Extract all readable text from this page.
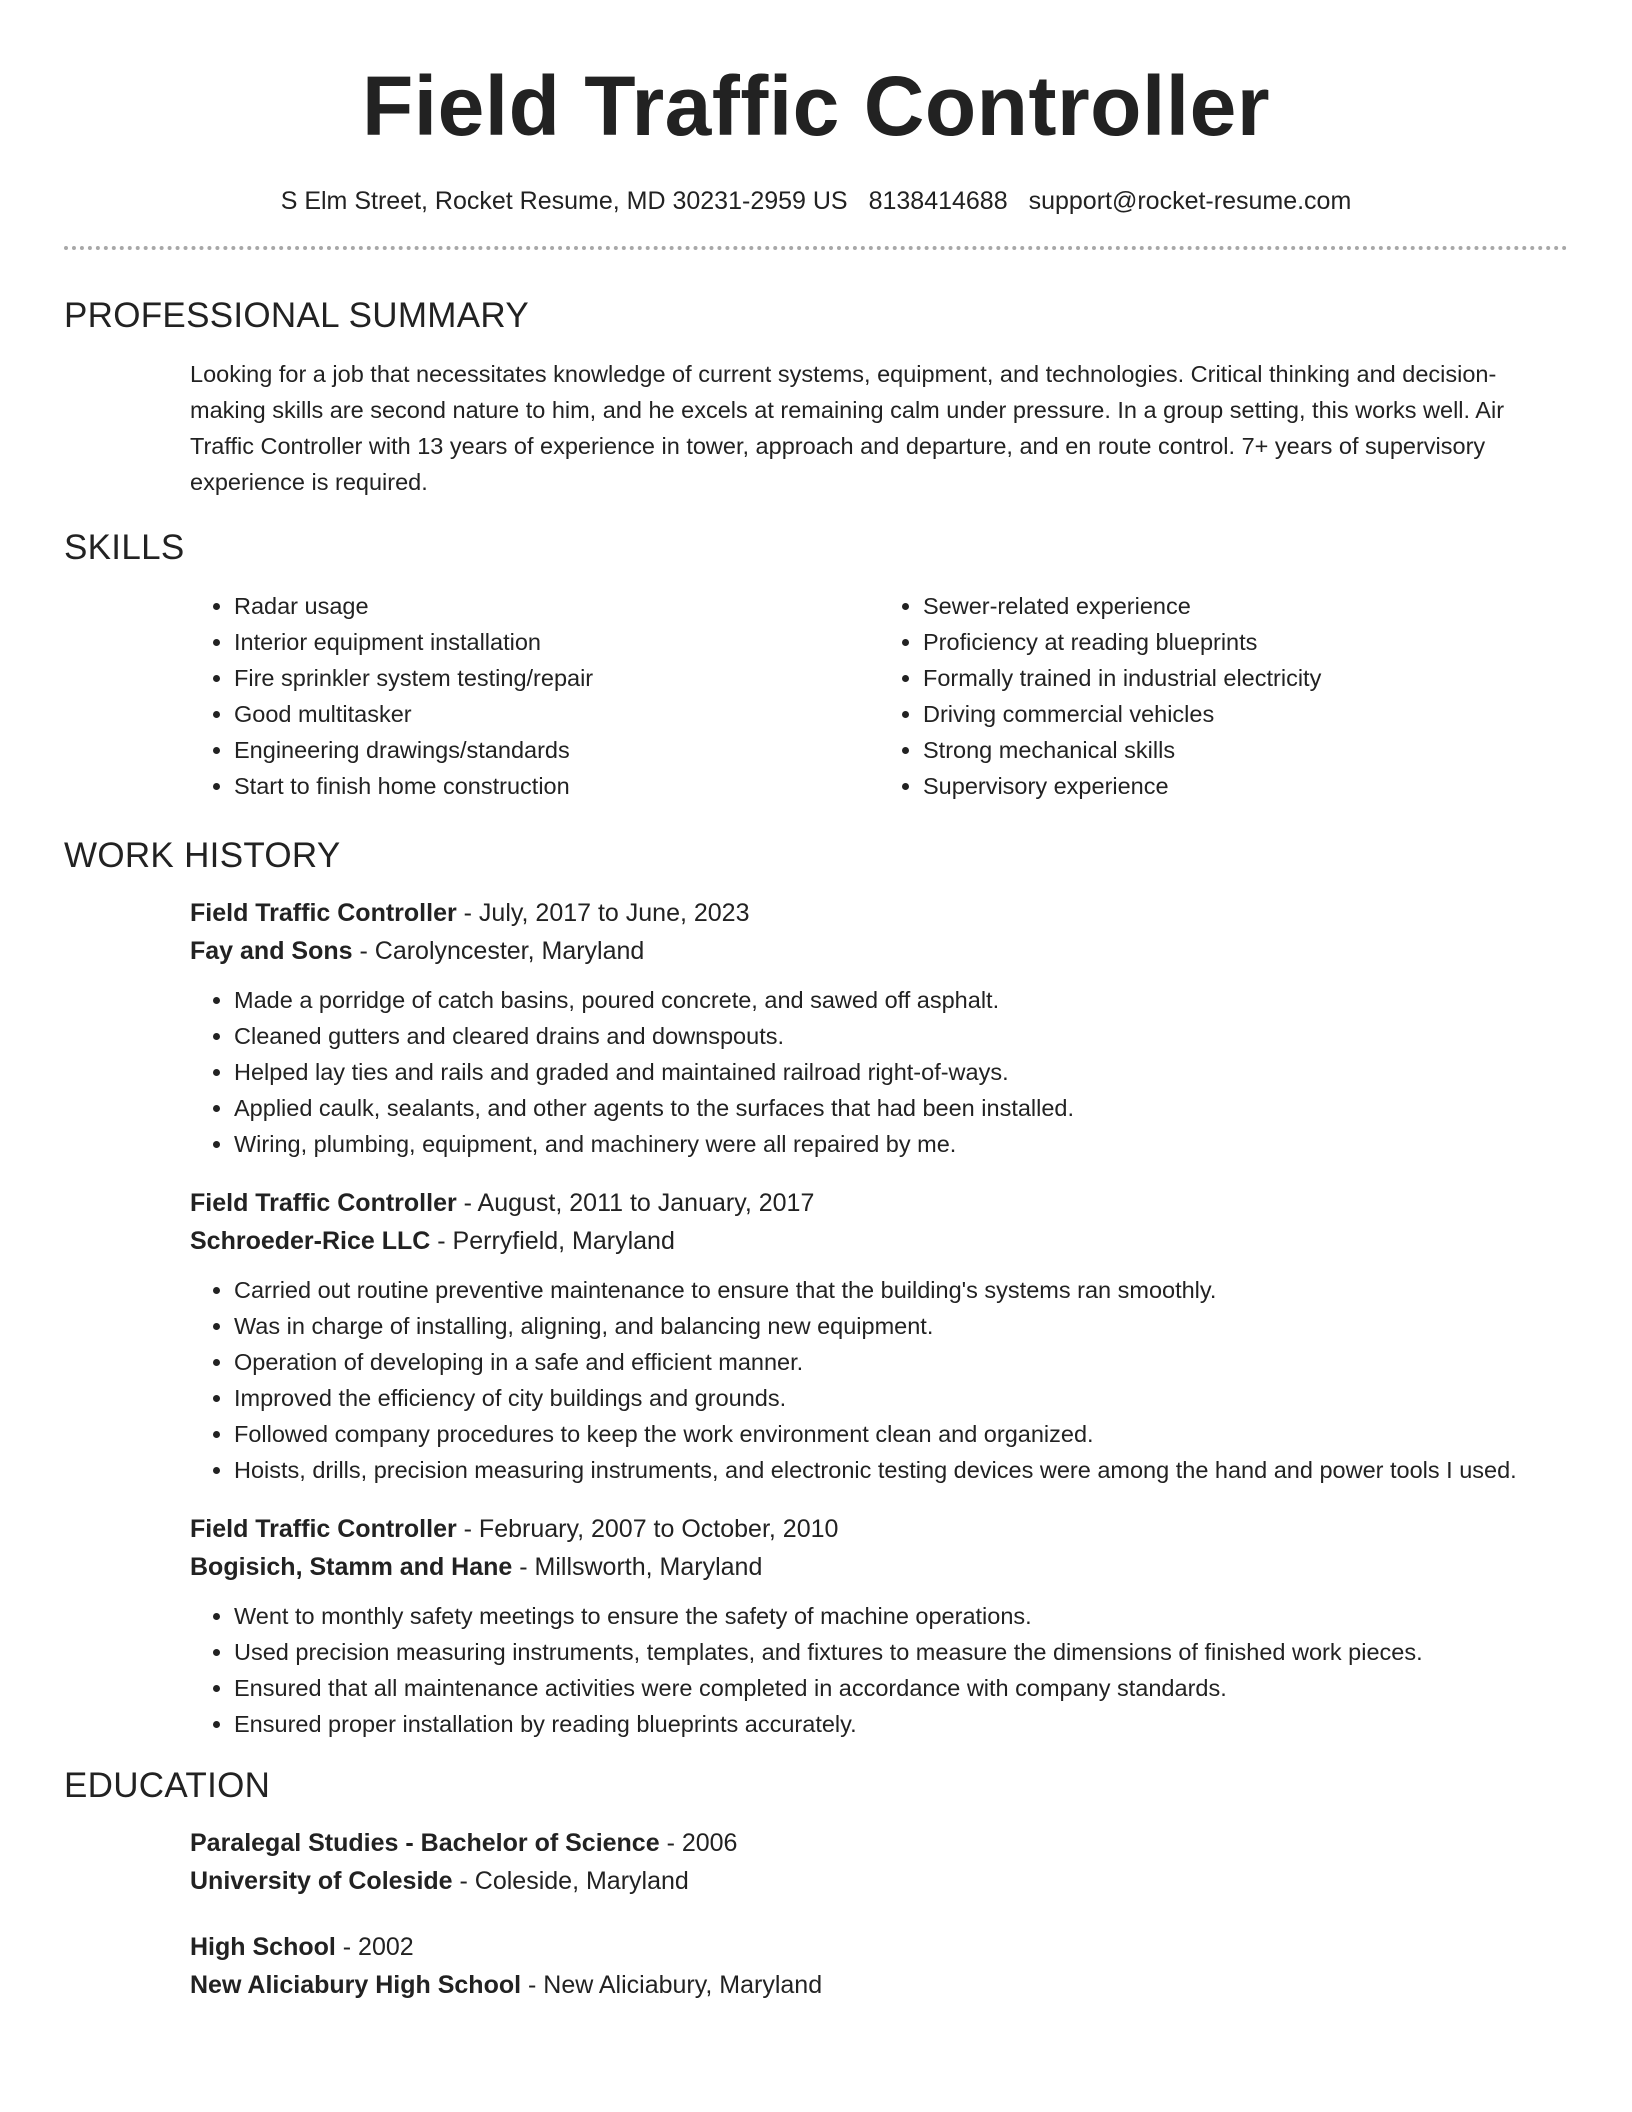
Field Traffic Controller
S Elm Street, Rocket Resume, MD 30231-2959 US 8138414688 support@rocket-resume.com
PROFESSIONAL SUMMARY

Looking for a job that necessitates knowledge of current systems, equipment, and technologies. Critical thinking and decision-making skills are second nature to him, and he excels at remaining calm under pressure. In a group setting, this works well. Air Traffic Controller with 13 years of experience in tower, approach and departure, and en route control. 7+ years of supervisory experience is required.

SKILLS
• Radar usage
• Interior equipment installation
• Fire sprinkler system testing/repair
• Good multitasker
• Engineering drawings/standards
• Start to finish home construction
• Sewer-related experience
• Proficiency at reading blueprints
• Formally trained in industrial electricity
• Driving commercial vehicles
• Strong mechanical skills
• Supervisory experience
WORK HISTORY
Field Traffic Controller - July, 2017 to June, 2023
Fay and Sons - Carolyncester, Maryland
• Made a porridge of catch basins, poured concrete, and sawed off asphalt.
• Cleaned gutters and cleared drains and downspouts.
• Helped lay ties and rails and graded and maintained railroad right-of-ways.
• Applied caulk, sealants, and other agents to the surfaces that had been installed.
• Wiring, plumbing, equipment, and machinery were all repaired by me.
Field Traffic Controller - August, 2011 to January, 2017
Schroeder-Rice LLC - Perryfield, Maryland
• Carried out routine preventive maintenance to ensure that the building's systems ran smoothly.
• Was in charge of installing, aligning, and balancing new equipment.
• Operation of developing in a safe and efficient manner.
• Improved the efficiency of city buildings and grounds.
• Followed company procedures to keep the work environment clean and organized.
• Hoists, drills, precision measuring instruments, and electronic testing devices were among the hand and power tools I used.
Field Traffic Controller - February, 2007 to October, 2010
Bogisich, Stamm and Hane - Millsworth, Maryland
• Went to monthly safety meetings to ensure the safety of machine operations.
• Used precision measuring instruments, templates, and fixtures to measure the dimensions of finished work pieces.
• Ensured that all maintenance activities were completed in accordance with company standards.
• Ensured proper installation by reading blueprints accurately.
EDUCATION
Paralegal Studies - Bachelor of Science - 2006
University of Coleside - Coleside, Maryland
High School - 2002
New Aliciabury High School - New Aliciabury, Maryland
